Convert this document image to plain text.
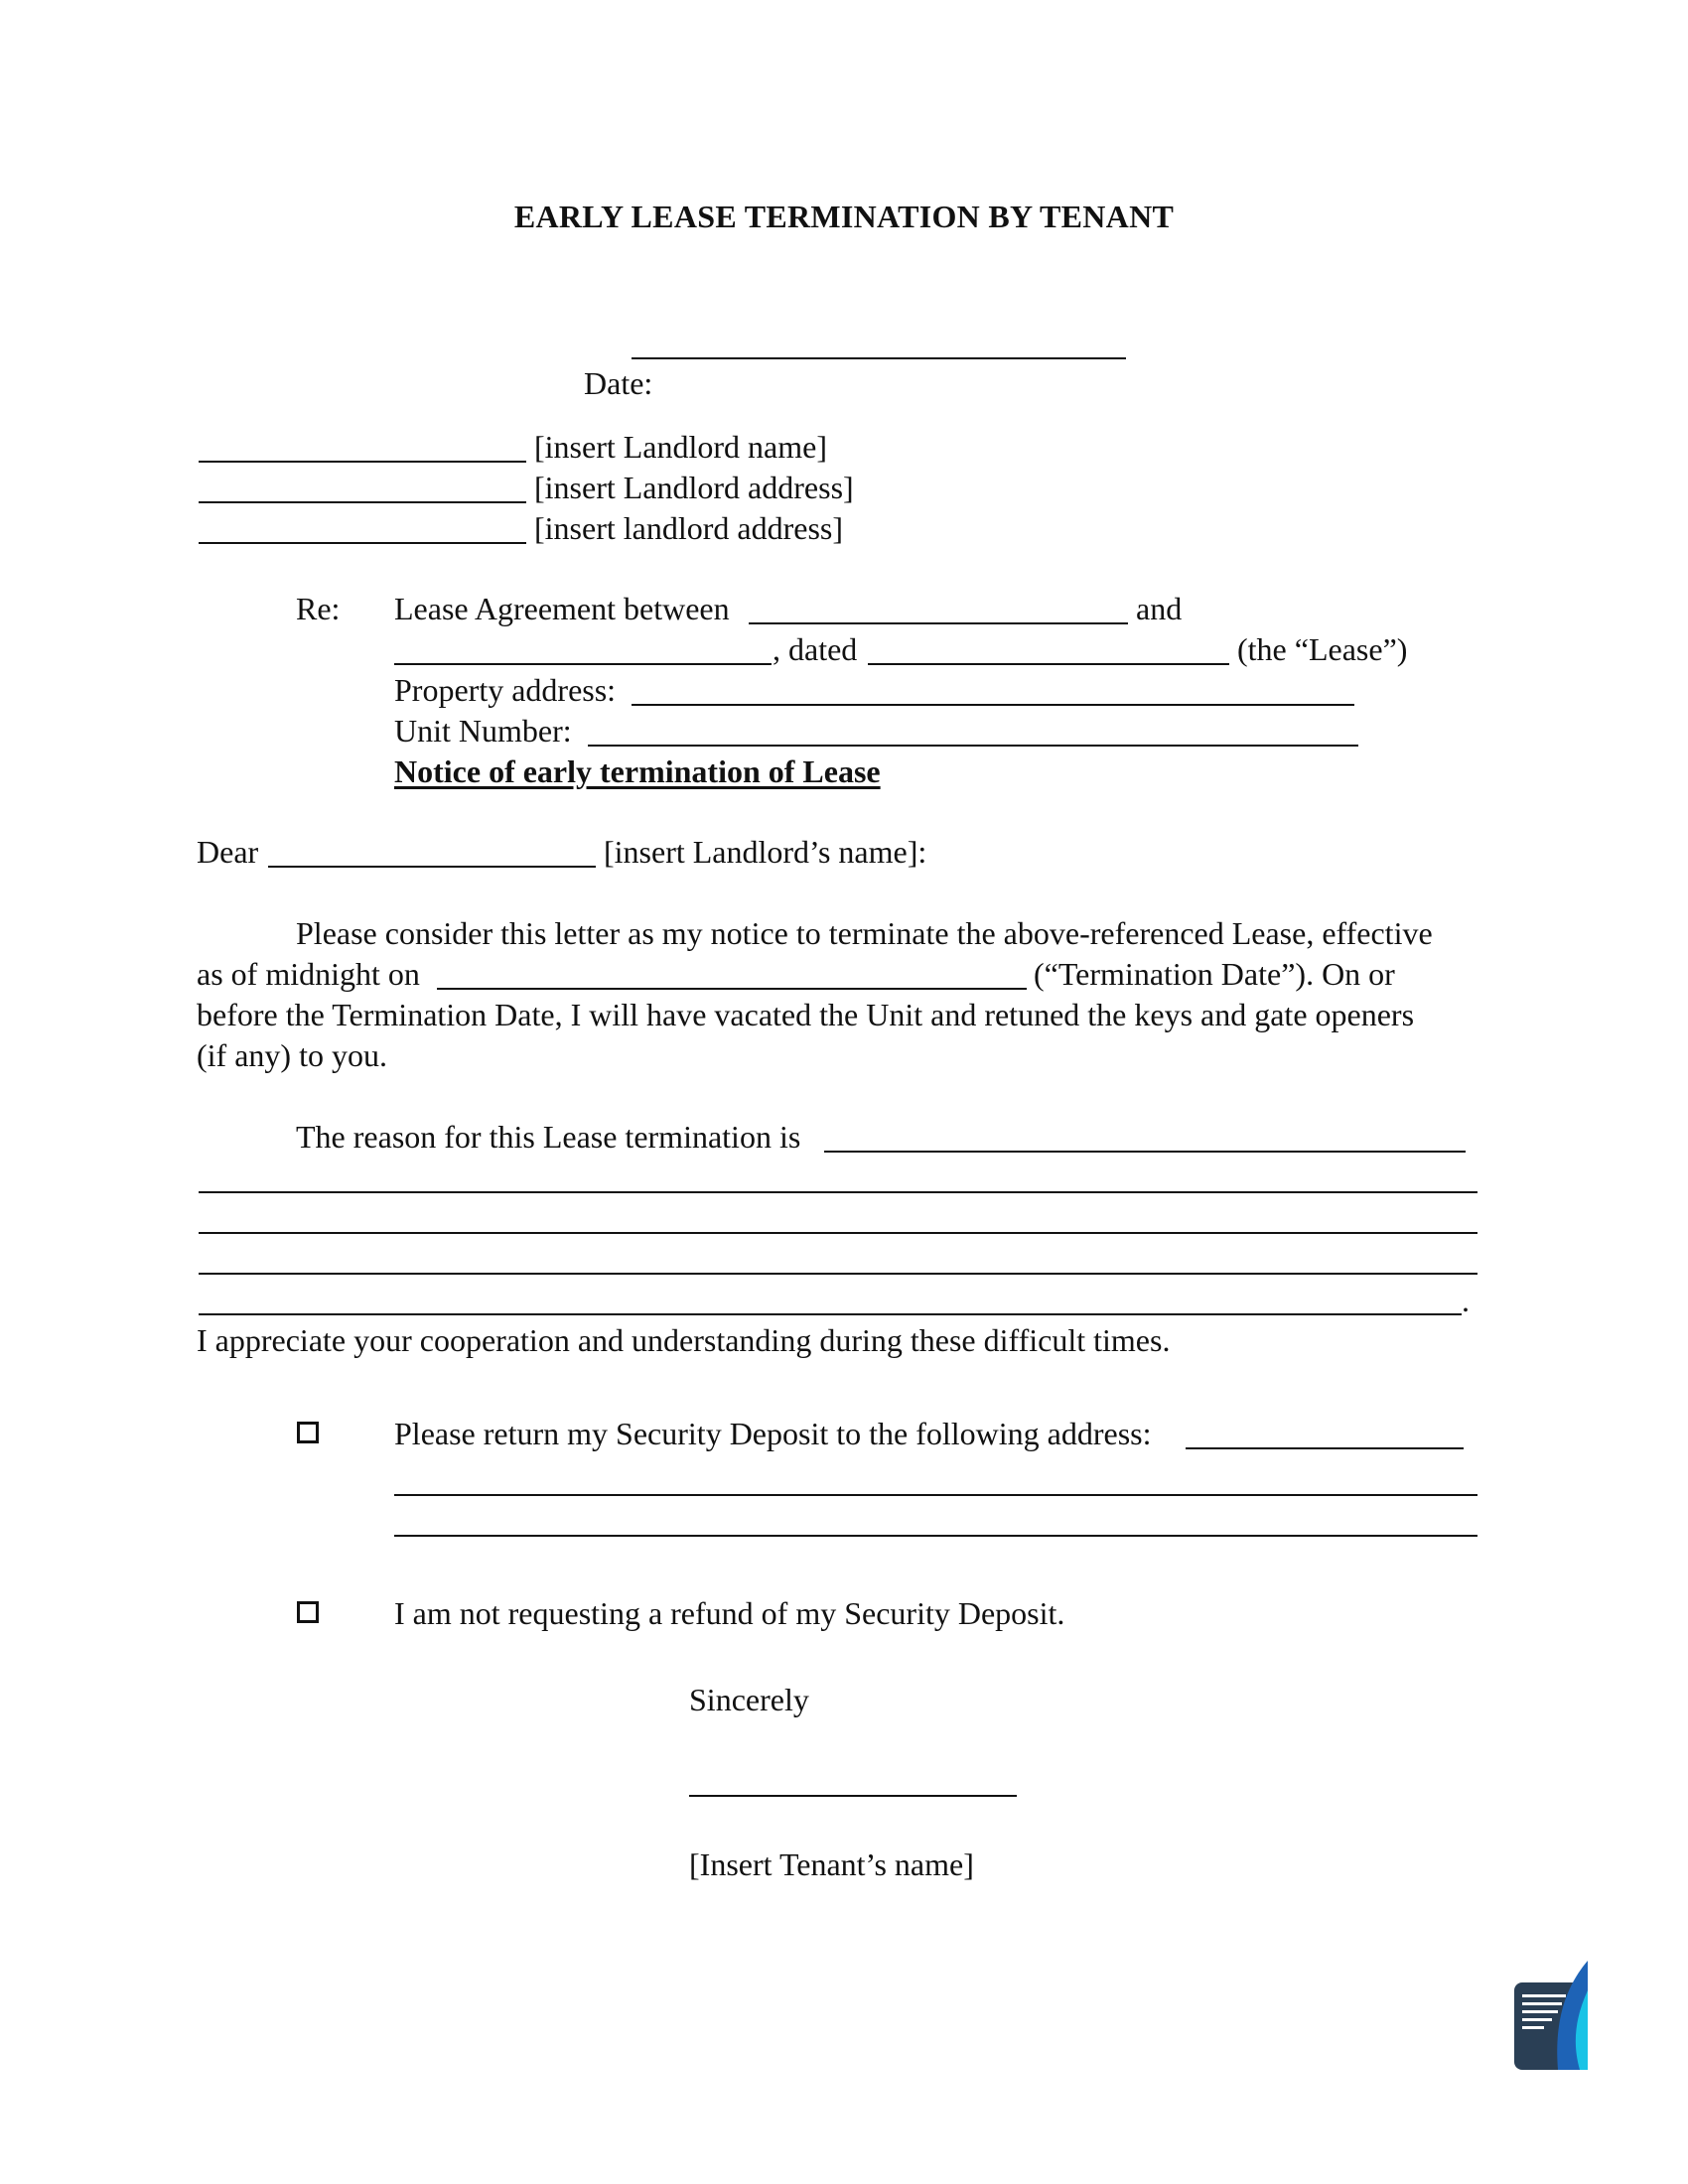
EARLY LEASE TERMINATION BY TENANT

Date:

[insert Landlord name]
[insert Landlord address]
[insert landlord address]
Re: Lease Agreement between	and
, dated	(the “Lease”)
Property address:
Unit Number:
Notice of early termination of Lease
Dear	[insert Landlord’s name]:
Please consider this letter as my notice to terminate the above-referenced Lease, effective
as of midnight on	(“Termination Date”). On or
before the Termination Date, I will have vacated the Unit and retuned the keys and gate openers
(if any) to you.
The reason for this Lease termination is
.
I appreciate your cooperation and understanding during these difficult times.
Please return my Security Deposit to the following address:
I am not requesting a refund of my Security Deposit.
Sincerely
[Insert Tenant’s name]
